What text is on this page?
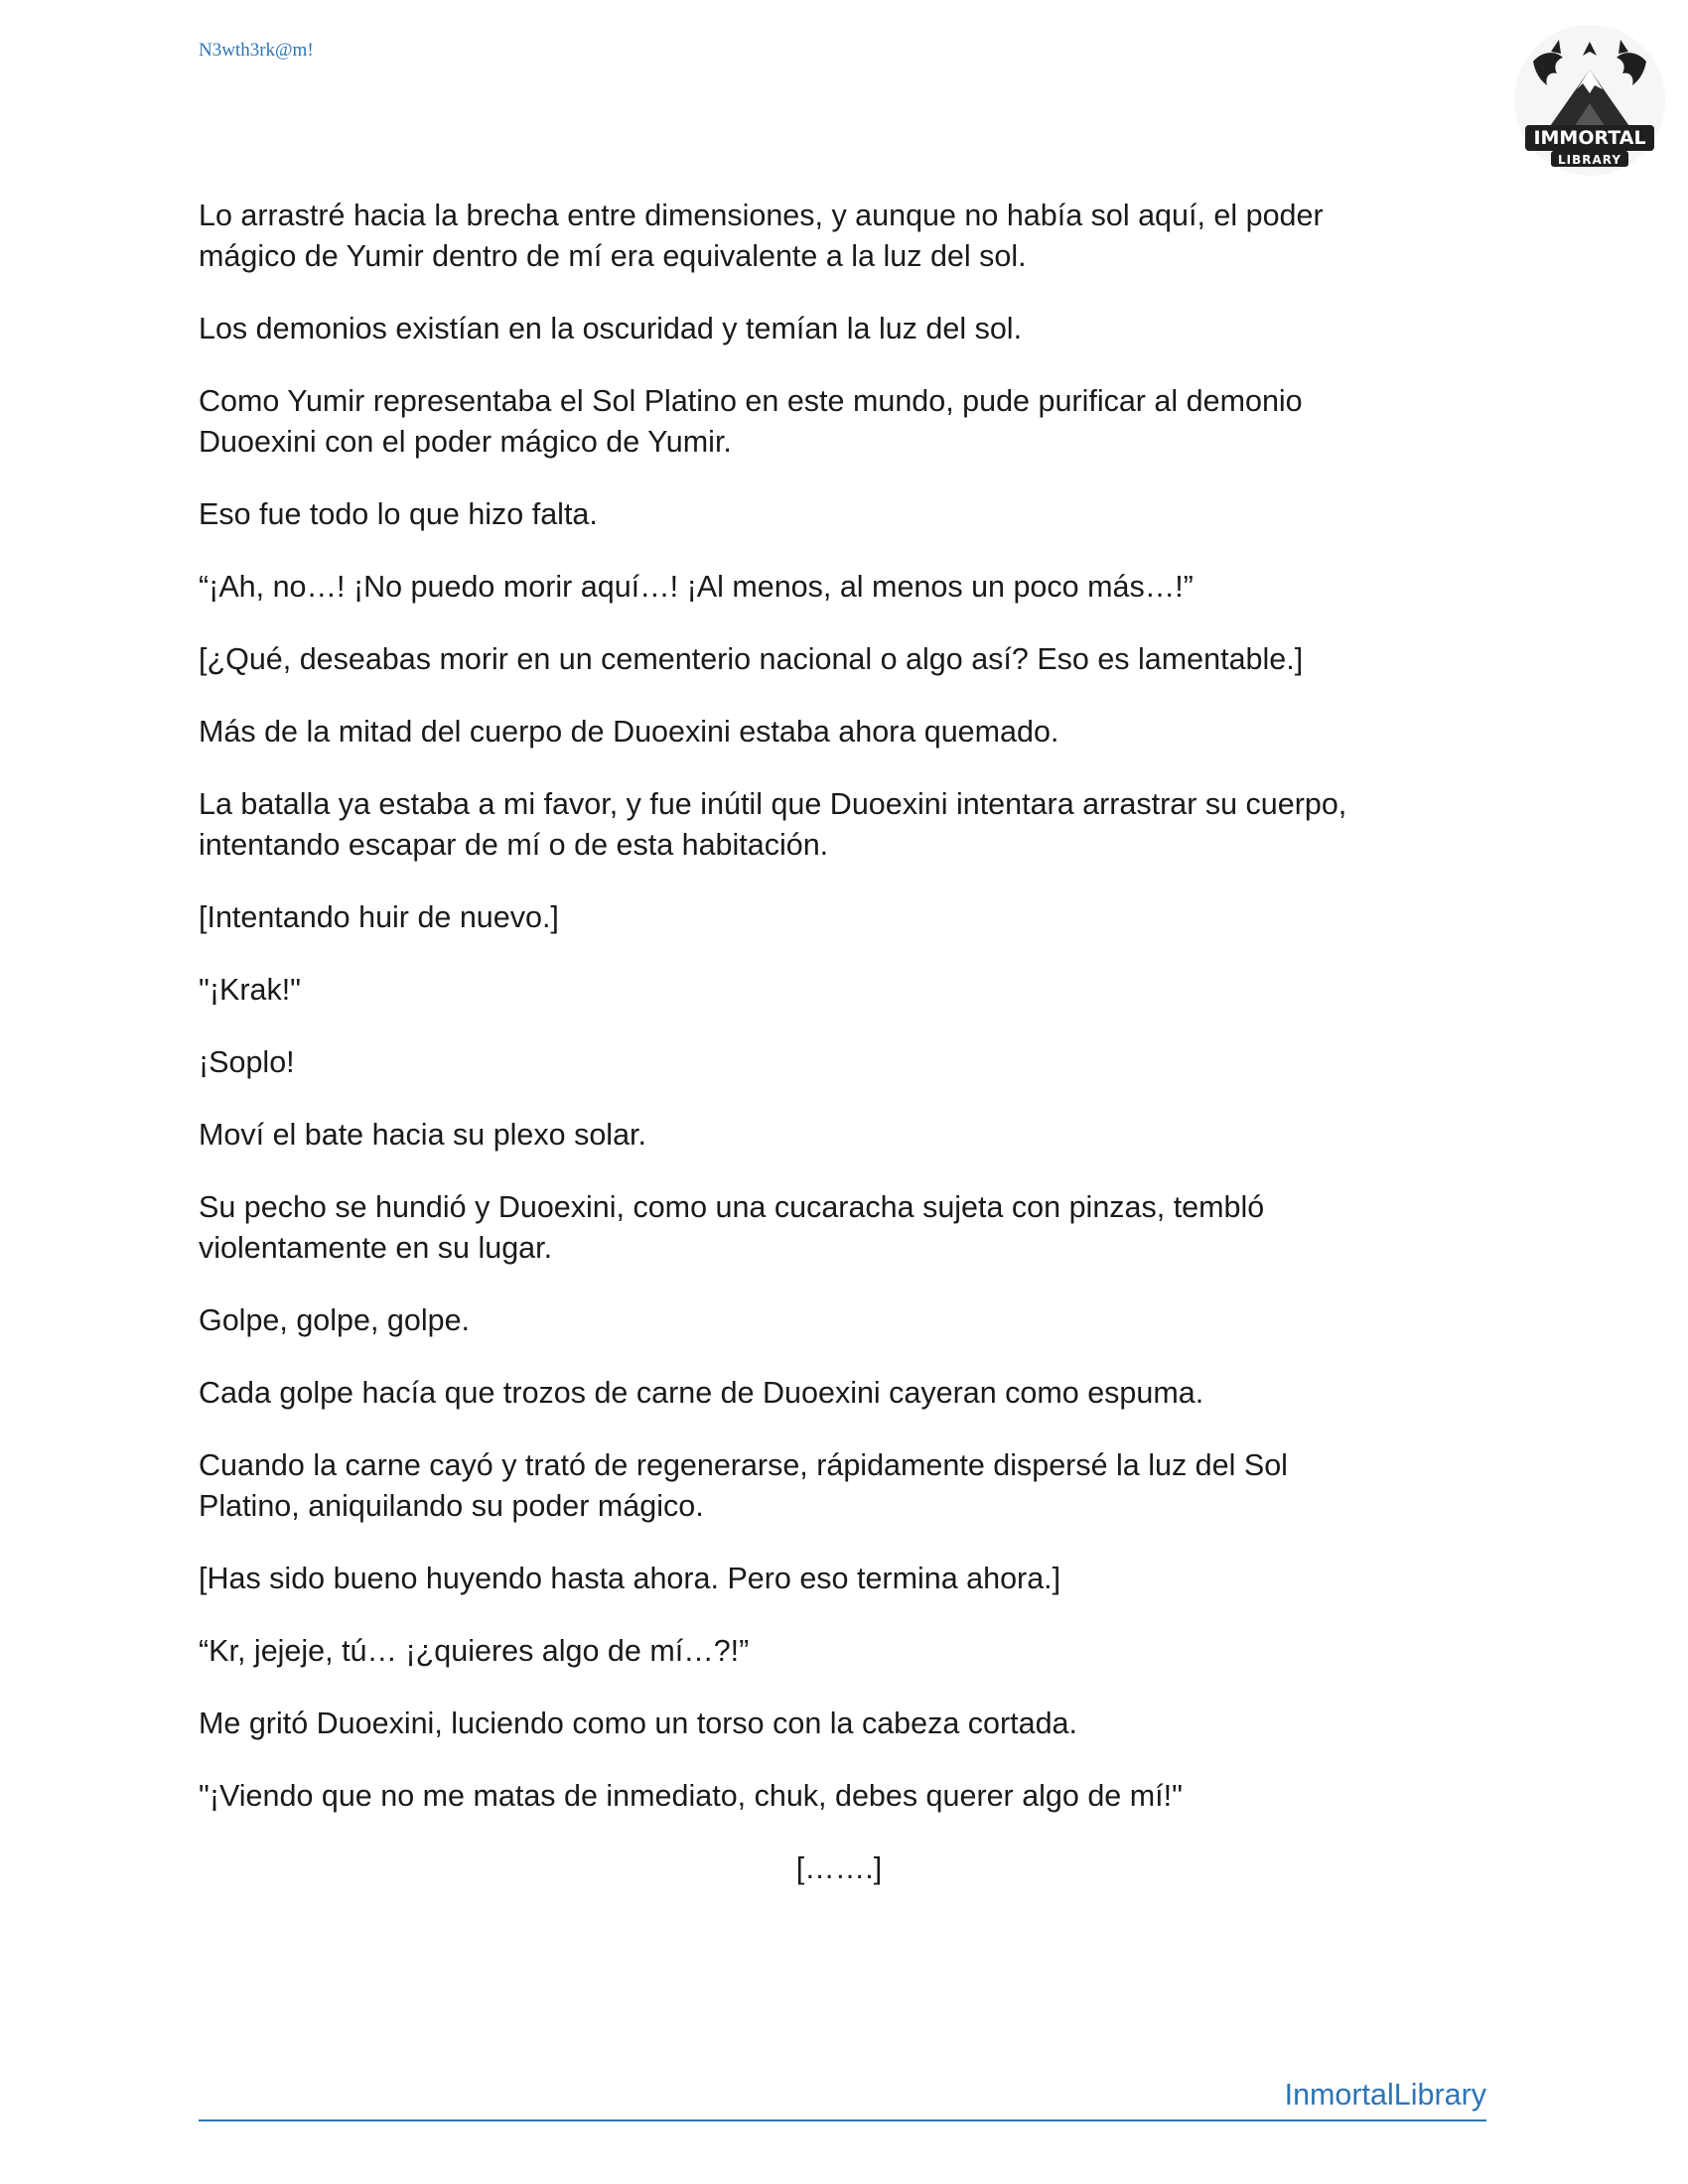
N3wth3rk@m!
IMMORTAL
LIBRARY

Lo arrastré hacia la brecha entre dimensiones, y aunque no había sol aquí, el poder
mágico de Yumir dentro de mí era equivalente a la luz del sol.

Los demonios existían en la oscuridad y temían la luz del sol.

Como Yumir representaba el Sol Platino en este mundo, pude purificar al demonio
Duoexini con el poder mágico de Yumir.

Eso fue todo lo que hizo falta.

“¡Ah, no…! ¡No puedo morir aquí…! ¡Al menos, al menos un poco más…!”

[¿Qué, deseabas morir en un cementerio nacional o algo así? Eso es lamentable.]

Más de la mitad del cuerpo de Duoexini estaba ahora quemado.

La batalla ya estaba a mi favor, y fue inútil que Duoexini intentara arrastrar su cuerpo,
intentando escapar de mí o de esta habitación.

[Intentando huir de nuevo.]

"¡Krak!"

¡Soplo!

Moví el bate hacia su plexo solar.

Su pecho se hundió y Duoexini, como una cucaracha sujeta con pinzas, tembló
violentamente en su lugar.

Golpe, golpe, golpe.

Cada golpe hacía que trozos de carne de Duoexini cayeran como espuma.

Cuando la carne cayó y trató de regenerarse, rápidamente dispersé la luz del Sol
Platino, aniquilando su poder mágico.

[Has sido bueno huyendo hasta ahora. Pero eso termina ahora.]

“Kr, jejeje, tú… ¡¿quieres algo de mí…?!”

Me gritó Duoexini, luciendo como un torso con la cabeza cortada.

"¡Viendo que no me matas de inmediato, chuk, debes querer algo de mí!"

[…….]

InmortalLibrary
